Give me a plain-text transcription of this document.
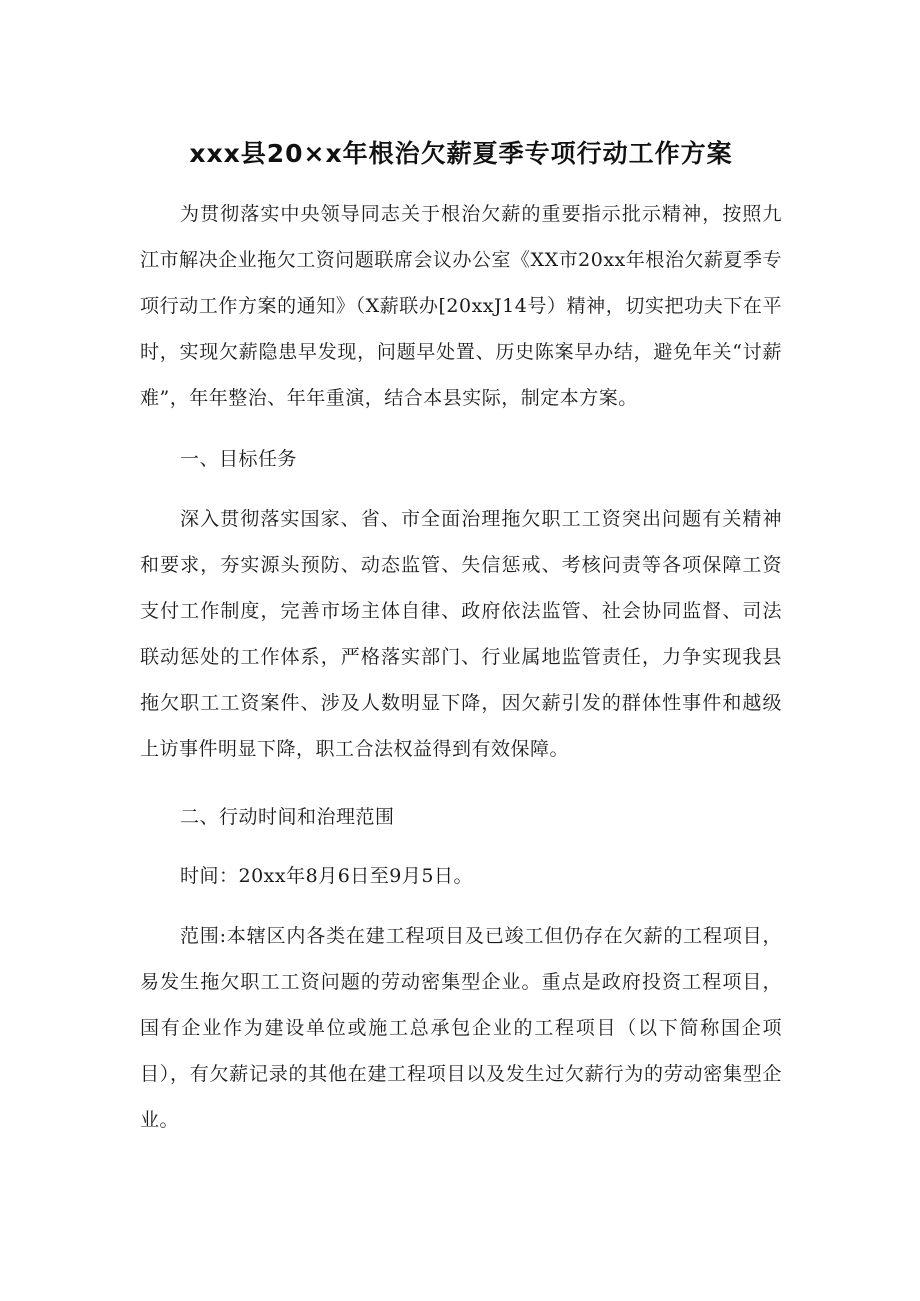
xxx县20×x年根治欠薪夏季专项行动工作方案

为贯彻落实中央领导同志关于根治欠薪的重要指示批示精神，按照九江市解决企业拖欠工资问题联席会议办公室《XX市20xx年根治欠薪夏季专项行动工作方案的通知》（X薪联办[20xxJ14号）精神，切实把功夫下在平时，实现欠薪隐患早发现，问题早处置、历史陈案早办结，避免年关“讨薪难”，年年整治、年年重演，结合本县实际，制定本方案。

一、目标任务

深入贯彻落实国家、省、市全面治理拖欠职工工资突出问题有关精神和要求，夯实源头预防、动态监管、失信惩戒、考核问责等各项保障工资支付工作制度，完善市场主体自律、政府依法监管、社会协同监督、司法联动惩处的工作体系，严格落实部门、行业属地监管责任，力争实现我县拖欠职工工资案件、涉及人数明显下降，因欠薪引发的群体性事件和越级上访事件明显下降，职工合法权益得到有效保障。

二、行动时间和治理范围

时间：20xx年8月6日至9月5日。

范围:本辖区内各类在建工程项目及已竣工但仍存在欠薪的工程项目，易发生拖欠职工工资问题的劳动密集型企业。重点是政府投资工程项目，国有企业作为建设单位或施工总承包企业的工程项目（以下简称国企项目），有欠薪记录的其他在建工程项目以及发生过欠薪行为的劳动密集型企业。
